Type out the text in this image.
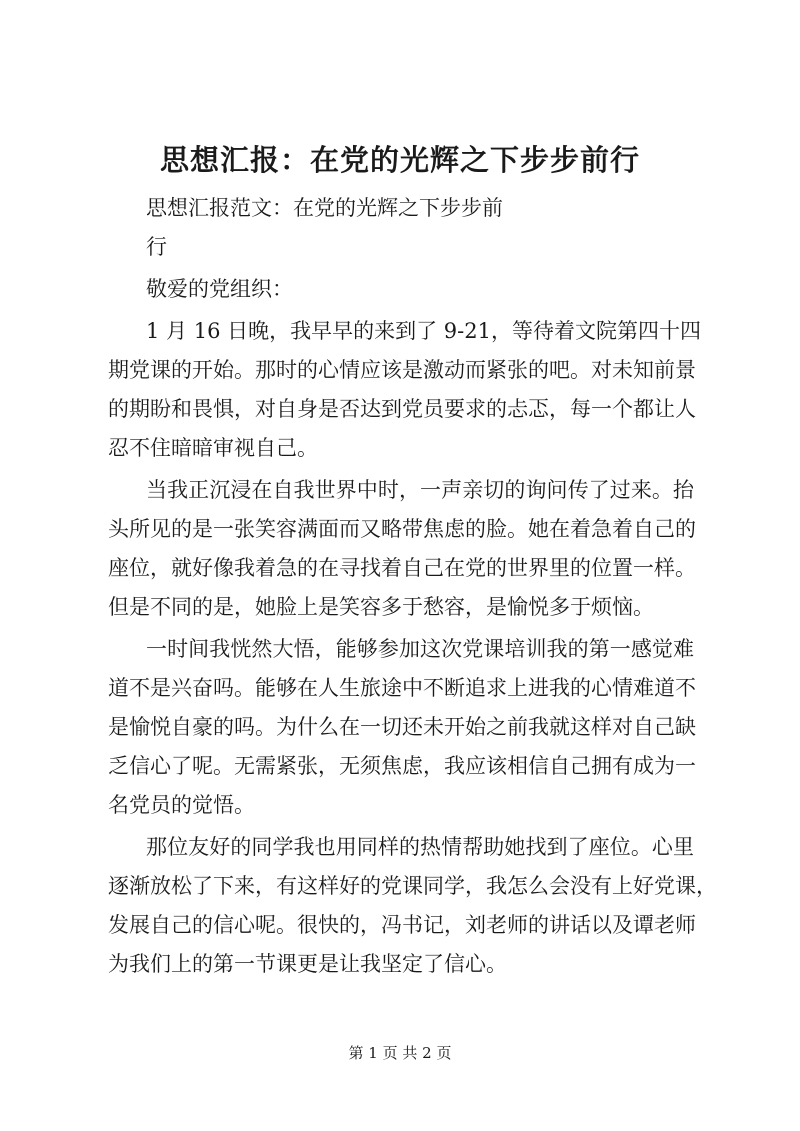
思想汇报：在党的光辉之下步步前行
思想汇报范文：在党的光辉之下步步前
行
敬爱的党组织：
1 月 16 日晚，我早早的来到了 9-21，等待着文院第四十四
期党课的开始。那时的心情应该是激动而紧张的吧。对未知前景
的期盼和畏惧，对自身是否达到党员要求的忐忑，每一个都让人
忍不住暗暗审视自己。
当我正沉浸在自我世界中时，一声亲切的询问传了过来。抬
头所见的是一张笑容满面而又略带焦虑的脸。她在着急着自己的
座位，就好像我着急的在寻找着自己在党的世界里的位置一样。
但是不同的是，她脸上是笑容多于愁容，是愉悦多于烦恼。
一时间我恍然大悟，能够参加这次党课培训我的第一感觉难
道不是兴奋吗。能够在人生旅途中不断追求上进我的心情难道不
是愉悦自豪的吗。为什么在一切还未开始之前我就这样对自己缺
乏信心了呢。无需紧张，无须焦虑，我应该相信自己拥有成为一
名党员的觉悟。
那位友好的同学我也用同样的热情帮助她找到了座位。心里
逐渐放松了下来，有这样好的党课同学，我怎么会没有上好党课，
发展自己的信心呢。很快的，冯书记，刘老师的讲话以及谭老师
为我们上的第一节课更是让我坚定了信心。
第 1 页 共 2 页
